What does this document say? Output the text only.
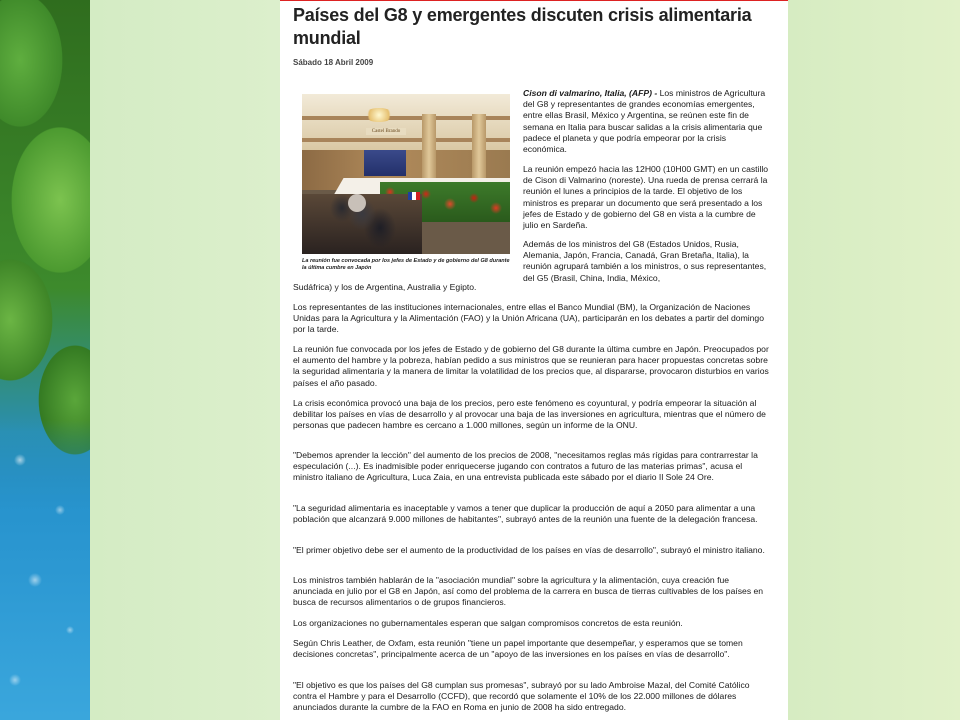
Países del G8 y emergentes discuten crisis alimentaria mundial
Sábado 18 Abril 2009
Castel Brando

La reunión fue convocada por los jefes de Estado y de gobierno del G8 durante la última cumbre en Japón

Cison di valmarino, Italia, (AFP) - Los ministros de Agricultura del G8 y representantes de grandes economías emergentes, entre ellas Brasil, México y Argentina, se reúnen este fin de semana en Italia para buscar salidas a la crisis alimentaria que padece el planeta y que podría empeorar por la crisis económica.

La reunión empezó hacia las 12H00 (10H00 GMT) en un castillo de Cison di Valmarino (noreste). Una rueda de prensa cerrará la reunión el lunes a principios de la tarde. El objetivo de los ministros es preparar un documento que será presentado a los jefes de Estado y de gobierno del G8 en vista a la cumbre de julio en Sardeña.

Además de los ministros del G8 (Estados Unidos, Rusia, Alemania, Japón, Francia, Canadá, Gran Bretaña, Italia), la reunión agrupará también a los ministros, o sus representantes, del G5 (Brasil, China, India, México,

Sudáfrica) y los de Argentina, Australia y Egipto.

Los representantes de las instituciones internacionales, entre ellas el Banco Mundial (BM), la Organización de Naciones Unidas para la Agricultura y la Alimentación (FAO) y la Unión Africana (UA), participarán en los debates a partir del domingo por la tarde.

La reunión fue convocada por los jefes de Estado y de gobierno del G8 durante la última cumbre en Japón. Preocupados por el aumento del hambre y la pobreza, habían pedido a sus ministros que se reunieran para hacer propuestas concretas sobre la seguridad alimentaria y la manera de limitar la volatilidad de los precios que, al dispararse, provocaron disturbios en varios países el año pasado.

La crisis económica provocó una baja de los precios, pero este fenómeno es coyuntural, y podría empeorar la situación al debilitar los países en vías de desarrollo y al provocar una baja de las inversiones en agricultura, mientras que el número de personas que padecen hambre es cercano a 1.000 millones, según un informe de la ONU.

"Debemos aprender la lección" del aumento de los precios de 2008, "necesitamos reglas más rígidas para contrarrestar la especulación (...). Es inadmisible poder enriquecerse jugando con contratos a futuro de las materias primas", acusa el ministro italiano de Agricultura, Luca Zaia, en una entrevista publicada este sábado por el diario Il Sole 24 Ore.

"La seguridad alimentaria es inaceptable y vamos a tener que duplicar la producción de aquí a 2050 para alimentar a una población que alcanzará 9.000 millones de habitantes", subrayó antes de la reunión una fuente de la delegación francesa.

"El primer objetivo debe ser el aumento de la productividad de los países en vías de desarrollo", subrayó el ministro italiano.

Los ministros también hablarán de la "asociación mundial" sobre la agricultura y la alimentación, cuya creación fue anunciada en julio por el G8 en Japón, así como del problema de la carrera en busca de tierras cultivables de los países en busca de recursos alimentarios o de grupos financieros.

Los organizaciones no gubernamentales esperan que salgan compromisos concretos de esta reunión.

Según Chris Leather, de Oxfam, esta reunión "tiene un papel importante que desempeñar, y esperamos que se tomen decisiones concretas", principalmente acerca de un "apoyo de las inversiones en los países en vías de desarrollo".

"El objetivo es que los países del G8 cumplan sus promesas", subrayó por su lado Ambroise Mazal, del Comité Católico contra el Hambre y para el Desarrollo (CCFD), que recordó que solamente el 10% de los 22.000 millones de dólares anunciados durante la cumbre de la FAO en Roma en junio de 2008 ha sido entregado.
